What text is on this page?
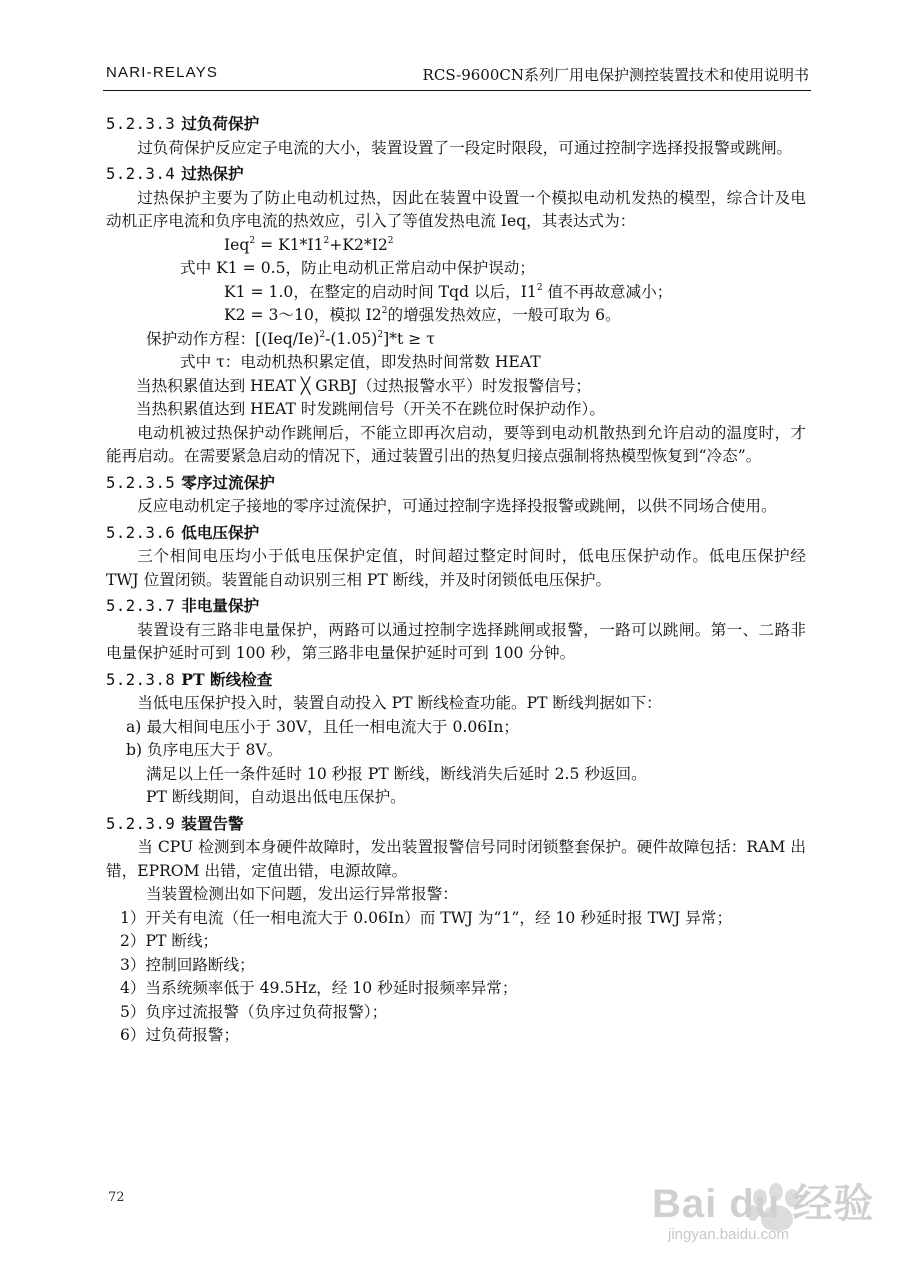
NARI-RELAYS	RCS-9600CN系列厂用电保护测控装置技术和使用说明书
5.2.3.3 过负荷保护
过负荷保护反应定子电流的大小，装置设置了一段定时限段，可通过控制字选择投报警或跳闸。
5.2.3.4 过热保护
过热保护主要为了防止电动机过热，因此在装置中设置一个模拟电动机发热的模型，综合计及电动机正序电流和负序电流的热效应，引入了等值发热电流 Ieq，其表达式为：
$Ieq^2 = K1*I1^2+K2*I2^2$
式中 K1 = 0.5，防止电动机正常启动中保护误动；
K1 = 1.0，在整定的启动时间 Tqd 以后，$I1^2$ 值不再故意减小；
K2 = 3～10，模拟 $I2^2$的增强发热效应，一般可取为 6。
保护动作方程：$[(Ieq/Ie)^2-(1.05)^2]*t \ge \tau$
式中 τ：电动机热积累定值，即发热时间常数 HEAT
当热积累值达到 HEAT ╳ GRBJ（过热报警水平）时发报警信号；
当热积累值达到 HEAT 时发跳闸信号（开关不在跳位时保护动作）。
电动机被过热保护动作跳闸后，不能立即再次启动，要等到电动机散热到允许启动的温度时，才能再启动。在需要紧急启动的情况下，通过装置引出的热复归接点强制将热模型恢复到“冷态”。
5.2.3.5 零序过流保护
反应电动机定子接地的零序过流保护，可通过控制字选择投报警或跳闸，以供不同场合使用。
5.2.3.6 低电压保护
三个相间电压均小于低电压保护定值，时间超过整定时间时，低电压保护动作。低电压保护经 TWJ 位置闭锁。装置能自动识别三相 PT 断线，并及时闭锁低电压保护。
5.2.3.7 非电量保护
装置设有三路非电量保护，两路可以通过控制字选择跳闸或报警，一路可以跳闸。第一、二路非电量保护延时可到 100 秒，第三路非电量保护延时可到 100 分钟。
5.2.3.8 PT 断线检查
当低电压保护投入时，装置自动投入 PT 断线检查功能。PT 断线判据如下：
a) 最大相间电压小于 30V，且任一相电流大于 0.06In；
b) 负序电压大于 8V。
满足以上任一条件延时 10 秒报 PT 断线，断线消失后延时 2.5 秒返回。
PT 断线期间，自动退出低电压保护。
5.2.3.9 装置告警
当 CPU 检测到本身硬件故障时，发出装置报警信号同时闭锁整套保护。硬件故障包括：RAM 出错，EPROM 出错，定值出错，电源故障。
当装置检测出如下问题，发出运行异常报警：
1）开关有电流（任一相电流大于 0.06In）而 TWJ 为“1”，经 10 秒延时报 TWJ 异常；
2）PT 断线；
3）控制回路断线；
4）当系统频率低于 49.5Hz，经 10 秒延时报频率异常；
5）负序过流报警（负序过负荷报警）；
6）过负荷报警；
72	Bai du 经验
jingyan.baidu.com
